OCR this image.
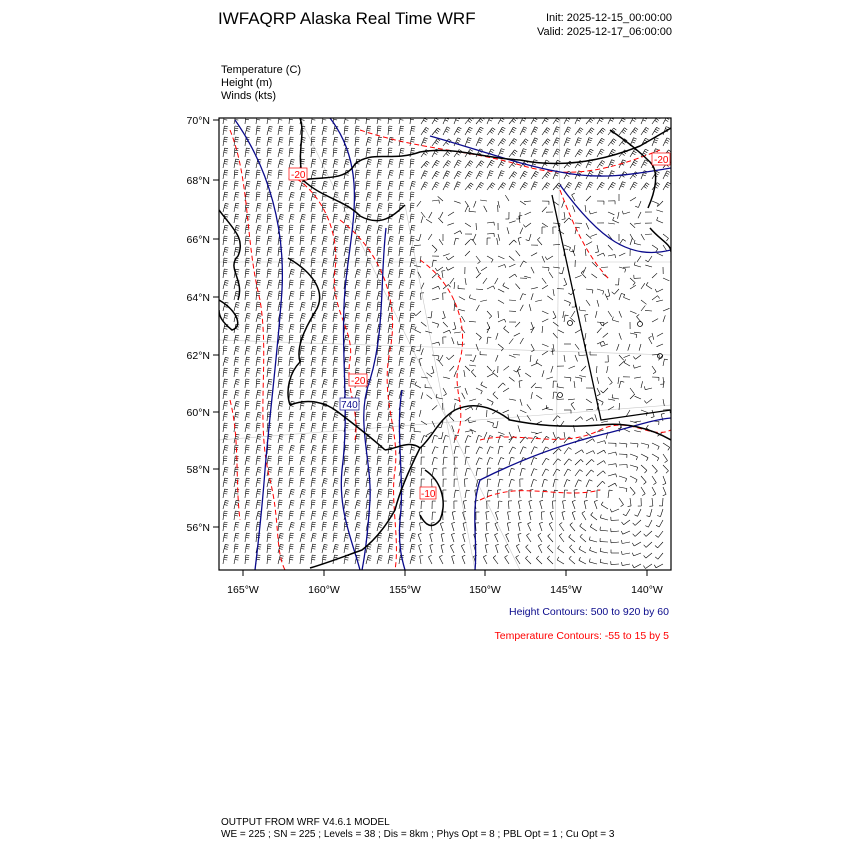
IWFAQRP Alaska Real Time WRF	Init: 2025-12-15_00:00:00
Valid: 2025-12-17_06:00:00
Temperature (C)
Height (m)
Winds (kts)
-20
-20
-20
-10
740
70°N
68°N
66°N
64°N
62°N
60°N
58°N
56°N
165°W	160°W	155°W	150°W	145°W	140°W
Height Contours: 500 to 920 by 60
Temperature Contours: -55 to 15 by 5
OUTPUT FROM WRF V4.6.1 MODEL
WE = 225 ; SN = 225 ; Levels = 38 ; Dis = 8km ; Phys Opt = 8 ; PBL Opt = 1 ; Cu Opt = 3
